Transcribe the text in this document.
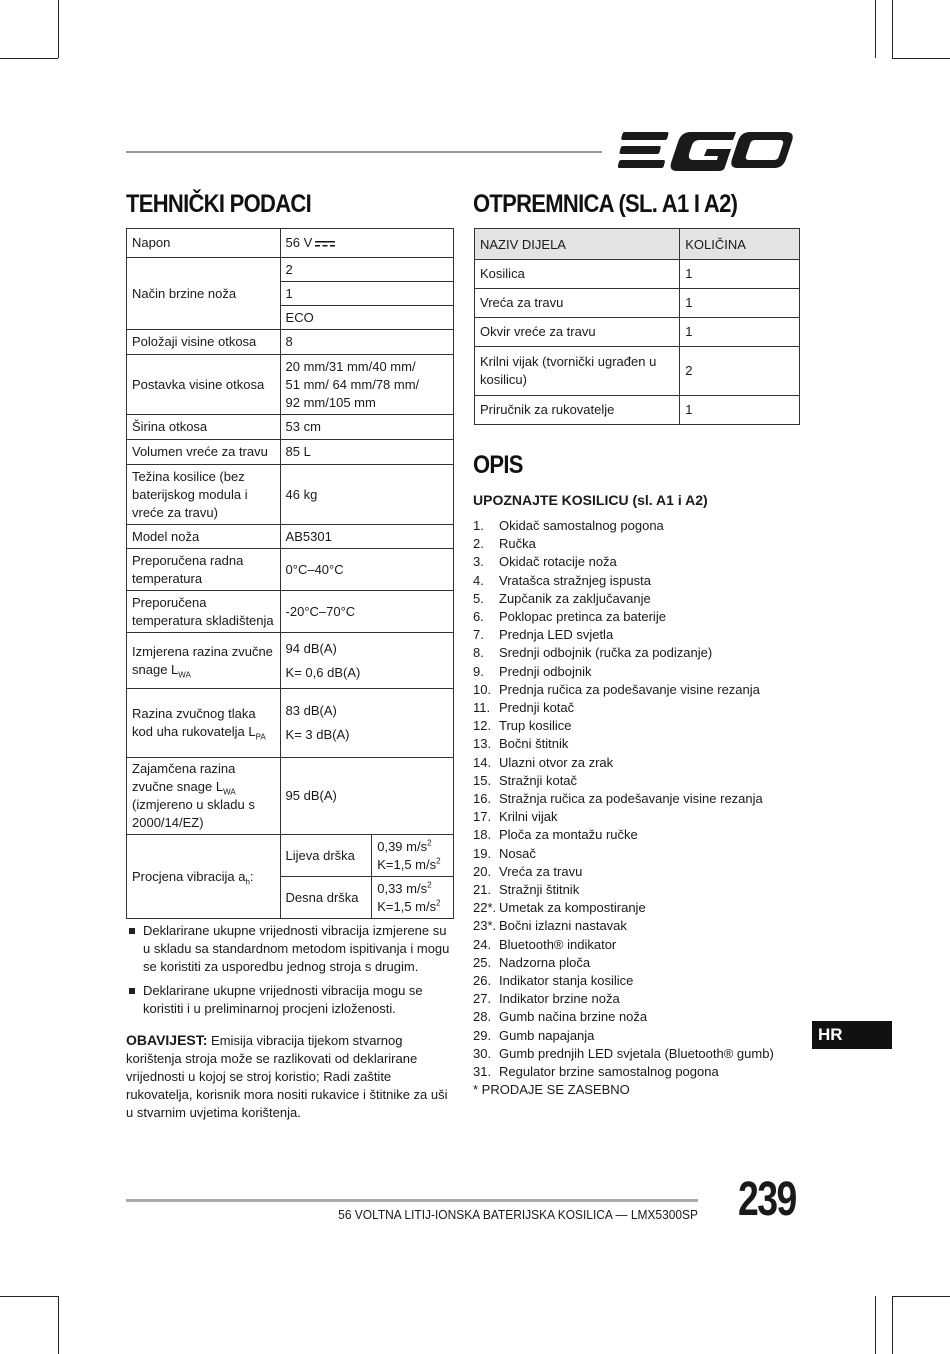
TEHNIČKI PODACI
Napon	56 V	
Način brzine noža	2	
	1	
	ECO	
Položaji visine otkosa	8	
Postavka visine otkosa	20 mm/31 mm/40 mm/
51 mm/ 64 mm/78 mm/
92 mm/105 mm	

Širina otkosa	53 cm	
Volumen vreće za travu	85 L	
Težina kosilice (bez baterijskog modula i vreće za travu)	46 kg	
Model noža	AB5301	
Preporučena radna temperatura	0°C–40°C	
Preporučena temperatura skladištenja	-20°C–70°C	
Izmjerena razina zvučne snage $L_{WA}$	94 dB(A)
K= 0,6 dB(A)	

Razina zvučnog tlaka kod uha rukovatelja $L_{PA}$	83 dB(A)
K= 3 dB(A)	

Zajamčena razina zvučne snage $L_{WA}$ (izmjereno u skladu s 2000/14/EZ)	95 dB(A)	
Procjena vibracija $a_h$:	Lijeva drška	0,39 $m/s^2$
K=1,5 $m/s^2$

	Desna drška	0,33 $m/s^2$
K=1,5 $m/s^2$
Deklarirane ukupne vrijednosti vibracija izmjerene su u skladu sa standardnom metodom ispitivanja i mogu se koristiti za usporedbu jednog stroja s drugim.
Deklarirane ukupne vrijednosti vibracija mogu se koristiti i u preliminarnoj procjeni izloženosti.

OBAVIJEST: Emisija vibracija tijekom stvarnog korištenja stroja može se razlikovati od deklarirane vrijednosti u kojoj se stroj koristio; Radi zaštite rukovatelja, korisnik mora nositi rukavice i štitnike za uši u stvarnim uvjetima korištenja.

OTPREMNICA (SL. A1 I A2)
NAZIV DIJELA	KOLIČINA
Kosilica	1
Vreća za travu	1
Okvir vreće za travu	1
Krilni vijak (tvornički ugrađen u kosilicu)	2
Priručnik za rukovatelje	1
OPIS

UPOZNAJTE KOSILICU (sl. A1 i A2)

1. Okidač samostalnog pogona
2. Ručka
3. Okidač rotacije noža
4. Vratašca stražnjeg ispusta
5. Zupčanik za zaključavanje
6. Poklopac pretinca za baterije
7. Prednja LED svjetla
8. Srednji odbojnik (ručka za podizanje)
9. Prednji odbojnik
10. Prednja ručica za podešavanje visine rezanja
11. Prednji kotač
12. Trup kosilice
13. Bočni štitnik
14. Ulazni otvor za zrak
15. Stražnji kotač
16. Stražnja ručica za podešavanje visine rezanja
17. Krilni vijak
18. Ploča za montažu ručke
19. Nosač
20. Vreća za travu
21. Stražnji štitnik
22*. Umetak za kompostiranje
23*. Bočni izlazni nastavak
24. Bluetooth® indikator
25. Nadzorna ploča
26. Indikator stanja kosilice
27. Indikator brzine noža
28. Gumb načina brzine noža
29. Gumb napajanja
30. Gumb prednjih LED svjetala (Bluetooth® gumb)
31. Regulator brzine samostalnog pogona

* PRODAJE SE ZASEBNO

HR
56 VOLTNA LITIJ-IONSKA BATERIJSKA KOSILICA — LMX5300SP 239
